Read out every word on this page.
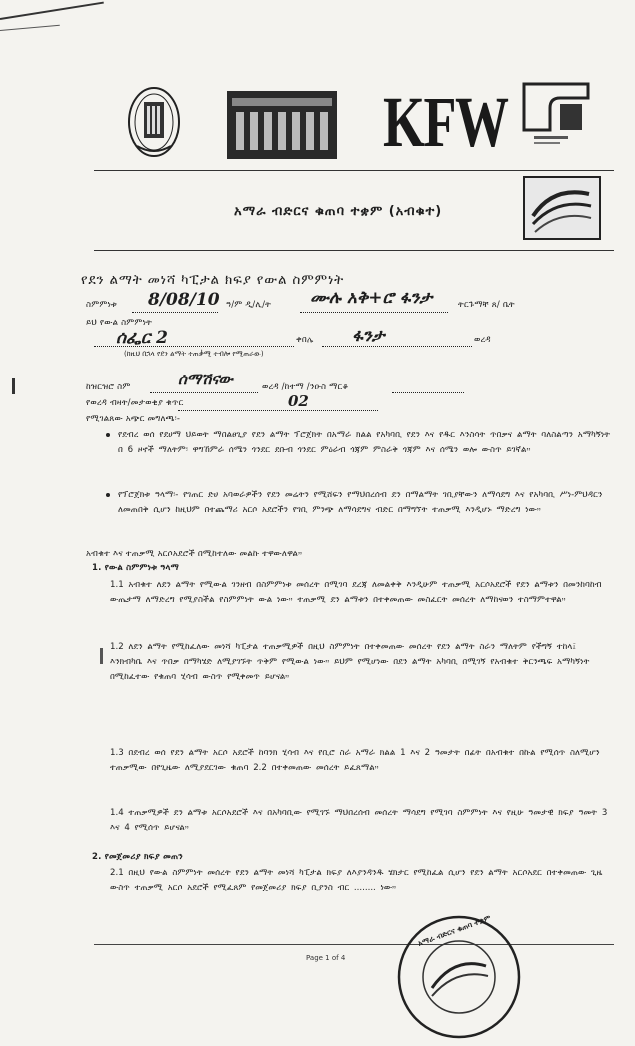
KFW
አማራ ብድርና ቁጠባ ተቋም (አብቁተ)
የደን ልማት መነሻ ካፒታል ክፍያ የውል ስምምነት
ስምምነቱ 8/08/10 ዓ/ም ዲ/ሊ/ት ሙሉ አቅ+ሮ ፋንታ	ትርጉማቸ ጸ/ ቤት
ይህ የውል ስምምነት
ሰፌር 2	ቀበሌ ፋንታ	ወረዳ
(ከዚህ በኋላ የደን ልማት ተጠቃሚ ተብሎ የሚጠራው)
ከዝርዝሮ ስም	ሰማሽናው	ወረዳ /ከተማ /ንዑስ ማርቆ
የወረዳ ብዛት/መታወቂያ ቁጥር	02
የሚገልጸው አጭር መግለጫ፡-
የደብረ ወሰ የደሀማ ህይወት ማበልፀጊያ የደን ልማት ፕሮጀክት በአማራ ክልል የአካባቢ የደን እና የዱር እንስሳት ጥበቃና ልማት ባለስልጣን አማካኝነት በ 6 ዞኖች ማለትም፡ ዋግኸምራ ሰሜን ጎንደር ደቡብ ጎንደር ምዕራብ ጎጃም ምስራቅ ጎጃም እና ሰሜን ወሎ ውስጥ ይገኛል።
የፕሮጀክቱ ዓላማ፡- የገጠር ድሀ አባወራዎችን የደን መሬትን የሚሸፍን የማህበረሰብ ደን በማልማት ገቢያቸውን ለማሳደግ እና የአካባቢ ሥነ-ምህዳርን ለመጠበቅ ሲሆን ከዚህም በተጨማሪ አርሶ አደሮችን የገቢ ምንጭ ለማሳደግና ብድር በማግኘት ተጠቃሚ እንዲሆኑ ማድረግ ነው።
አብቁተ እና ተጠቃሚ አርሶአደሮች በሚከተለው መልኩ ተዋውለዋል።
1. የውል ስምምነቱ ዓላማ
1.1 አብቁተ ለደን ልማት የሚውል ገንዘብ በስምምነቱ መሰረት በሚገባ ደረጃ ለመልቀቅ እንዲሁም ተጠቃሚ አርሶአደሮች የደን ልማቱን በመንከባከብ ውጤታማ ለማድረግ የሚያስችል የስምምነት ውል ነው። ተጠቃሚ ደን ልማቱን በተቀመጠው መስፈርት መሰረት ለማከናወን ተስማምተዋል።
1.2 ለደን ልማት የሚከፈለው መነሻ ካፒታል ተጠቃሚዎች በዚህ ስምምነት በተቀመጠው መሰረት የደን ልማት ስራን ማለትም የችግኝ ተከላ፤ እንክብካቤ እና ጥበቃ በማካሄድ ለሚያገኙት ጥቅም የሚውል ነው። ይህም የሚሆነው በደን ልማት አካባቢ በሚገኝ የአብቁተ ቅርንጫፍ አማካኝነት በሚከፈተው የቁጠባ ሂሳብ ውስጥ የሚቀመጥ ይሆናል።
1.3 በደብረ ወሰ የደን ልማት አርሶ አደሮች ከባንክ ሂሳብ እና የቢሮ ስራ አማራ ክልል 1 እና 2 ዓመታት በፊት በአብቁተ በኩል የሚሰጥ ስለሚሆን ተጠቃሚው በየጊዜው ለሚያደርገው ቁጠባ 2.2 በተቀመጠው መሰረት ይፈጸማል።
1.4 ተጠቃሚዎች ደን ልማቱ አርሶአደሮች እና በአካባቢው የሚገኙ ማህበረሰብ መሰረት ማሳደግ የሚገባ ስምምነት እና የዚሁ ዓመታዊ ክፍያ ዓመት 3 እና 4 የሚሰጥ ይሆናል።
2. የመጀመሪያ ክፍያ መጠን
2.1 በዚህ የውል ስምምነት መሰረት የደን ልማት መነሻ ካፒታል ክፍያ ለእያንዳንዱ ሄክታር የሚከፈል ሲሆን የደን ልማት አርሶአደር በተቀመጠው ጊዜ ውስጥ ተጠቃሚ አርሶ አደሮች የሚፈጸም የመጀመሪያ ክፍያ ቢያንስ ብር ........ ነው።
Page 1 of 4
አማራ ብድርና ቁጠባ ተቋም
